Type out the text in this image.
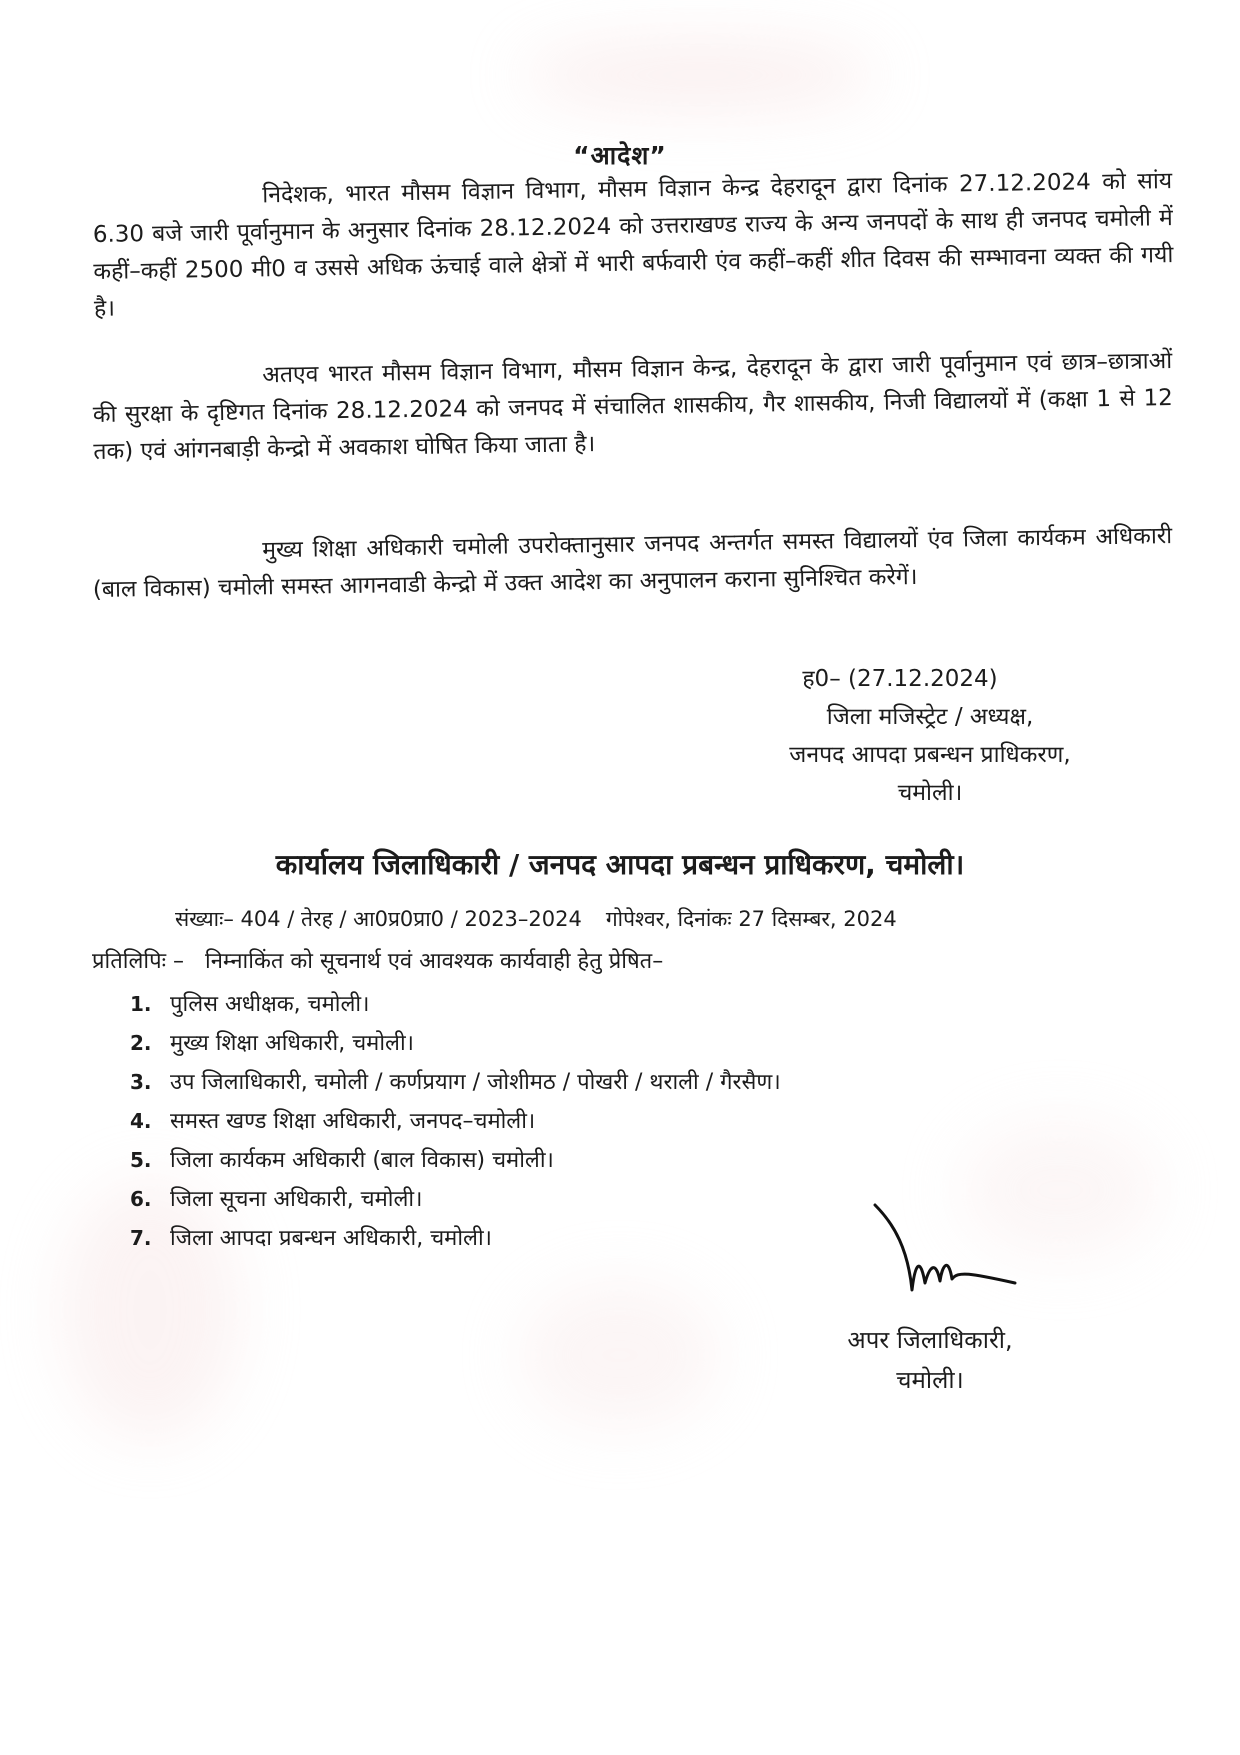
“आदेश”

निदेशक, भारत मौसम विज्ञान विभाग, मौसम विज्ञान केन्द्र देहरादून द्वारा दिनांक 27.12.2024 को सांय 6.30 बजे जारी पूर्वानुमान के अनुसार दिनांक 28.12.2024 को उत्तराखण्ड राज्य के अन्य जनपदों के साथ ही जनपद चमोली में कहीं–कहीं 2500 मी0 व उससे अधिक ऊंचाई वाले क्षेत्रों में भारी बर्फवारी एंव कहीं–कहीं शीत दिवस की सम्भावना व्यक्त की गयी है।

अतएव भारत मौसम विज्ञान विभाग, मौसम विज्ञान केन्द्र, देहरादून के द्वारा जारी पूर्वानुमान एवं छात्र–छात्राओं की सुरक्षा के दृष्टिगत दिनांक 28.12.2024 को जनपद में संचालित शासकीय, गैर शासकीय, निजी विद्यालयों में (कक्षा 1 से 12 तक) एवं आंगनबाड़ी केन्द्रो में अवकाश घोषित किया जाता है।

मुख्य शिक्षा अधिकारी चमोली उपरोक्तानुसार जनपद अन्तर्गत समस्त विद्यालयों एंव जिला कार्यकम अधिकारी (बाल विकास) चमोली समस्त आगनवाडी केन्द्रो में उक्त आदेश का अनुपालन कराना सुनिश्चित करेगें।

ह0– (27.12.2024)
जिला मजिस्ट्रेट / अध्यक्ष,
जनपद आपदा प्रबन्धन प्राधिकरण,
चमोली।
कार्यालय जिलाधिकारी / जनपद आपदा प्रबन्धन प्राधिकरण, चमोली।
संख्याः– 404 / तेरह / आ0प्र0प्रा0 / 2023–2024 गोपेश्वर, दिनांकः 27 दिसम्बर, 2024
प्रतिलिपिः – निम्नाकिंत को सूचनार्थ एवं आवश्यक कार्यवाही हेतु प्रेषित–
1. पुलिस अधीक्षक, चमोली।
2. मुख्य शिक्षा अधिकारी, चमोली।
3. उप जिलाधिकारी, चमोली / कर्णप्रयाग / जोशीमठ / पोखरी / थराली / गैरसैण।
4. समस्त खण्ड शिक्षा अधिकारी, जनपद–चमोली।
5. जिला कार्यकम अधिकारी (बाल विकास) चमोली।
6. जिला सूचना अधिकारी, चमोली।
7. जिला आपदा प्रबन्धन अधिकारी, चमोली।
अपर जिलाधिकारी,
चमोली।
